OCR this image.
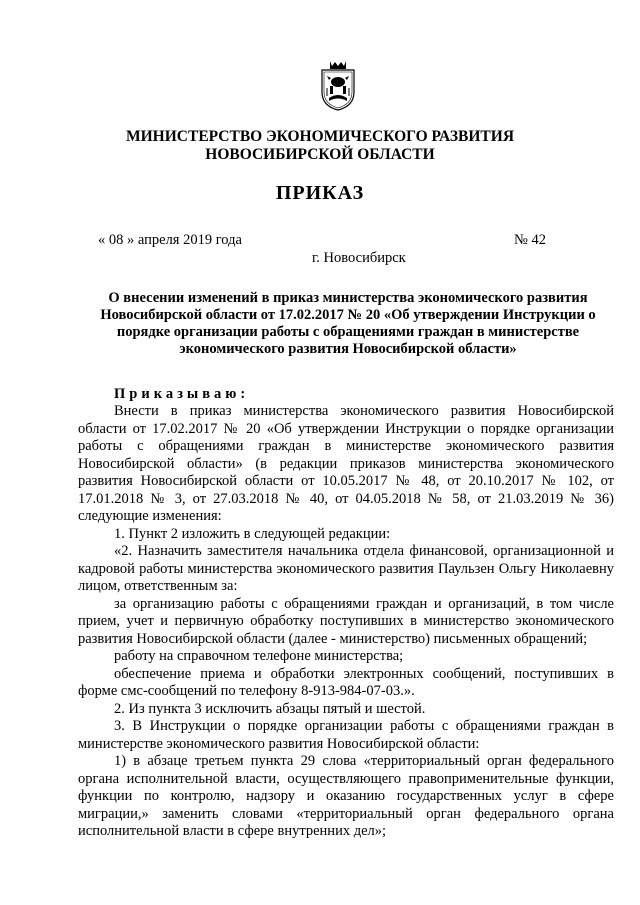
МИНИСТЕРСТВО ЭКОНОМИЧЕСКОГО РАЗВИТИЯ
НОВОСИБИРСКОЙ ОБЛАСТИ
ПРИКАЗ
« 08 » апреля 2019 года	№ 42
г. Новосибирск
О внесении изменений в приказ министерства экономического развития Новосибирской области от 17.02.2017 № 20 «Об утверждении Инструкции о порядке организации работы с обращениями граждан в министерстве экономического развития Новосибирской области»
Приказываю:

Внести в приказ министерства экономического развития Новосибирской области от 17.02.2017 № 20 «Об утверждении Инструкции о порядке организации работы с обращениями граждан в министерстве экономического развития Новосибирской области» (в редакции приказов министерства экономического развития Новосибирской области от 10.05.2017 № 48, от 20.10.2017 № 102, от 17.01.2018 № 3, от 27.03.2018 № 40, от 04.05.2018 № 58, от 21.03.2019 № 36) следующие изменения:

1. Пункт 2 изложить в следующей редакции:

«2. Назначить заместителя начальника отдела финансовой, организационной и кадровой работы министерства экономического развития Паульзен Ольгу Николаевну лицом, ответственным за:

за организацию работы с обращениями граждан и организаций, в том числе прием, учет и первичную обработку поступивших в министерство экономического развития Новосибирской области (далее - министерство) письменных обращений;

работу на справочном телефоне министерства;

обеспечение приема и обработки электронных сообщений, поступивших в форме смс-сообщений по телефону 8-913-984-07-03.».

2. Из пункта 3 исключить абзацы пятый и шестой.

3. В Инструкции о порядке организации работы с обращениями граждан в министерстве экономического развития Новосибирской области:

1) в абзаце третьем пункта 29 слова «территориальный орган федерального органа исполнительной власти, осуществляющего правоприменительные функции, функции по контролю, надзору и оказанию государственных услуг в сфере миграции,» заменить словами «территориальный орган федерального органа исполнительной власти в сфере внутренних дел»;
